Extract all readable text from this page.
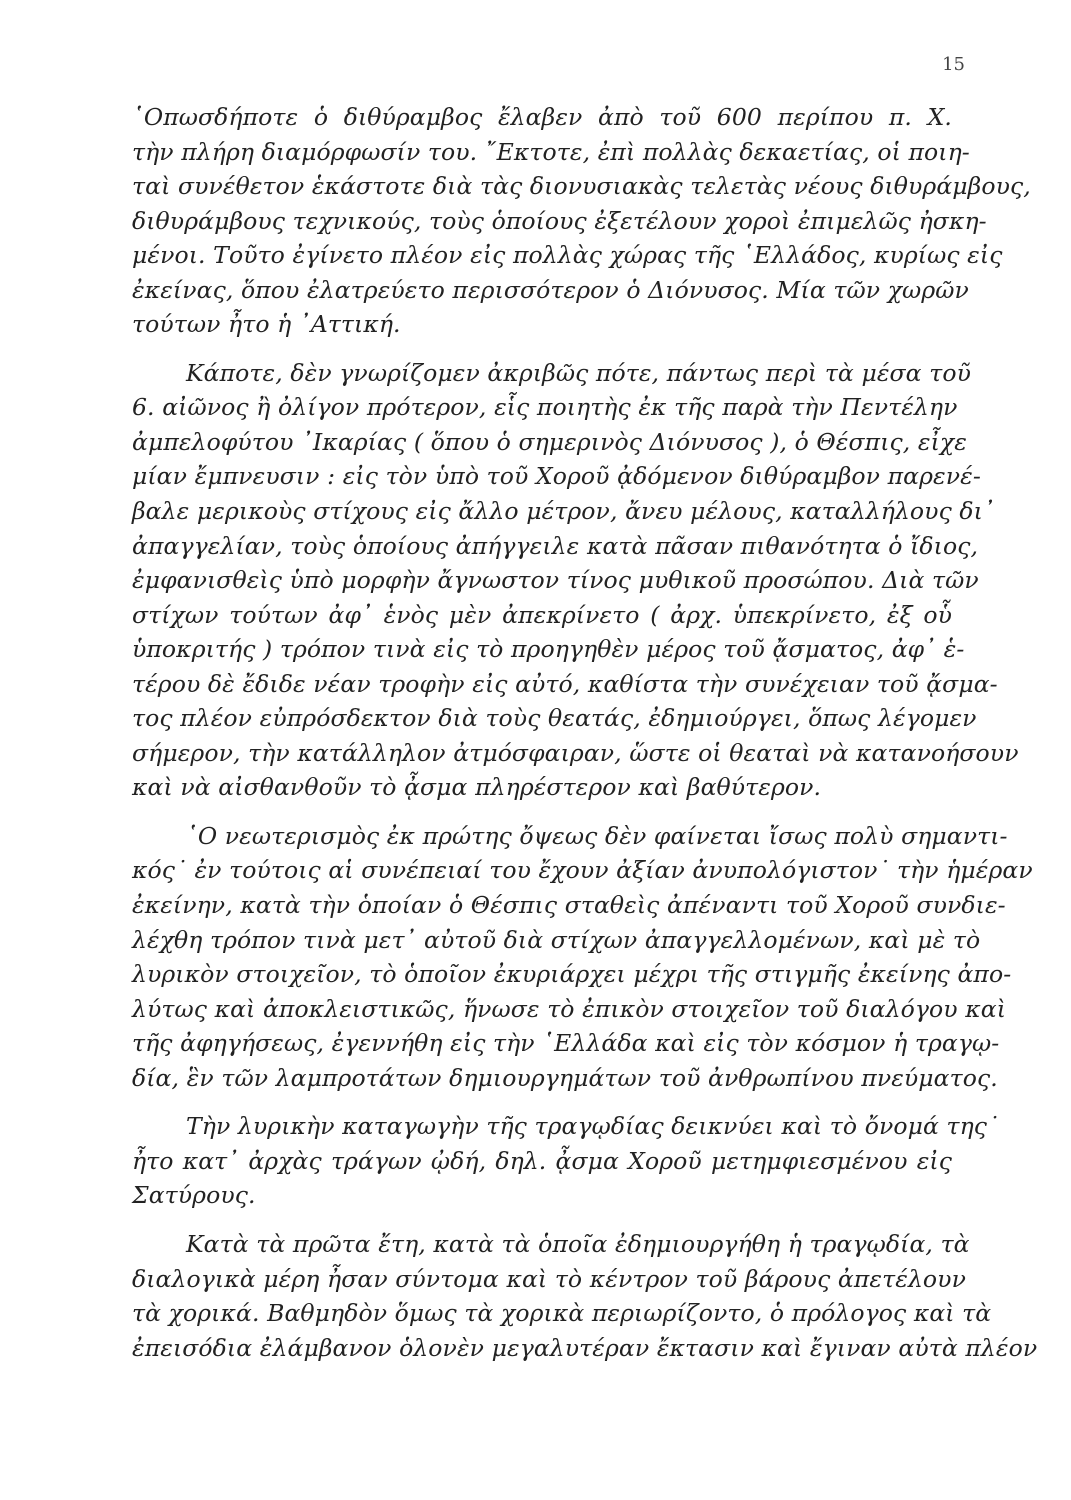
15
῾Οπωσδήποτε ὁ διθύραμβος ἔλαβεν ἀπὸ τοῦ 600 περίπου π. Χ.
τὴν πλήρη διαμόρφωσίν του. ῎Εκτοτε, ἐπὶ πολλὰς δεκαετίας, οἱ ποιη-
ταὶ συνέθετον ἑκάστοτε διὰ τὰς διονυσιακὰς τελετὰς νέους διθυράμβους,
διθυράμβους τεχνικούς, τοὺς ὁποίους ἐξετέλουν χοροὶ ἐπιμελῶς ἠσκη-
μένοι. Τοῦτο ἐγίνετο πλέον εἰς πολλὰς χώρας τῆς ῾Ελλάδος, κυρίως εἰς
ἐκείνας, ὅπου ἐλατρεύετο περισσότερον ὁ Διόνυσος. Μία τῶν χωρῶν
τούτων ἦτο ἡ ᾿Αττική.
Κάποτε, δὲν γνωρίζομεν ἀκριβῶς πότε, πάντως περὶ τὰ μέσα τοῦ
6. αἰῶνος ἢ ὀλίγον πρότερον, εἷς ποιητὴς ἐκ τῆς παρὰ τὴν Πεντέλην
ἀμπελοφύτου ᾿Ικαρίας ( ὅπου ὁ σημερινὸς Διόνυσος ), ὁ Θέσπις, εἶχε
μίαν ἔμπνευσιν : εἰς τὸν ὑπὸ τοῦ Χοροῦ ᾀδόμενον διθύραμβον παρενέ-
βαλε μερικοὺς στίχους εἰς ἄλλο μέτρον, ἄνευ μέλους, καταλλήλους δι᾽
ἀπαγγελίαν, τοὺς ὁποίους ἀπήγγειλε κατὰ πᾶσαν πιθανότητα ὁ ἴδιος,
ἐμφανισθεὶς ὑπὸ μορφὴν ἄγνωστον τίνος μυθικοῦ προσώπου. Διὰ τῶν
στίχων τούτων ἀφ᾽ ἑνὸς μὲν ἀπεκρίνετο ( ἀρχ. ὑπεκρίνετο, ἐξ οὗ
ὑποκριτής ) τρόπον τινὰ εἰς τὸ προηγηθὲν μέρος τοῦ ᾄσματος, ἀφ᾽ ἑ-
τέρου δὲ ἔδιδε νέαν τροφὴν εἰς αὐτό, καθίστα τὴν συνέχειαν τοῦ ᾄσμα-
τος πλέον εὐπρόσδεκτον διὰ τοὺς θεατάς, ἐδημιούργει, ὅπως λέγομεν
σήμερον, τὴν κατάλληλον ἀτμόσφαιραν, ὥστε οἱ θεαταὶ νὰ κατανοήσουν
καὶ νὰ αἰσθανθοῦν τὸ ᾆσμα πληρέστερον καὶ βαθύτερον.
῾Ο νεωτερισμὸς ἐκ πρώτης ὄψεως δὲν φαίνεται ἴσως πολὺ σημαντι-
κός˙ ἐν τούτοις αἱ συνέπειαί του ἔχουν ἀξίαν ἀνυπολόγιστον˙ τὴν ἡμέραν
ἐκείνην, κατὰ τὴν ὁποίαν ὁ Θέσπις σταθεὶς ἀπέναντι τοῦ Χοροῦ συνδιε-
λέχθη τρόπον τινὰ μετ᾽ αὐτοῦ διὰ στίχων ἀπαγγελλομένων, καὶ μὲ τὸ
λυρικὸν στοιχεῖον, τὸ ὁποῖον ἐκυριάρχει μέχρι τῆς στιγμῆς ἐκείνης ἀπο-
λύτως καὶ ἀποκλειστικῶς, ἥνωσε τὸ ἐπικὸν στοιχεῖον τοῦ διαλόγου καὶ
τῆς ἀφηγήσεως, ἐγεννήθη εἰς τὴν ῾Ελλάδα καὶ εἰς τὸν κόσμον ἡ τραγῳ-
δία, ἓν τῶν λαμπροτάτων δημιουργημάτων τοῦ ἀνθρωπίνου πνεύματος.
Τὴν λυρικὴν καταγωγὴν τῆς τραγῳδίας δεικνύει καὶ τὸ ὄνομά της˙
ἦτο κατ᾽ ἀρχὰς τράγων ᾠδή, δηλ. ᾆσμα Χοροῦ μετημφιεσμένου εἰς
Σατύρους.
Κατὰ τὰ πρῶτα ἔτη, κατὰ τὰ ὁποῖα ἐδημιουργήθη ἡ τραγῳδία, τὰ
διαλογικὰ μέρη ἦσαν σύντομα καὶ τὸ κέντρον τοῦ βάρους ἀπετέλουν
τὰ χορικά. Βαθμηδὸν ὅμως τὰ χορικὰ περιωρίζοντο, ὁ πρόλογος καὶ τὰ
ἐπεισόδια ἐλάμβανον ὁλονὲν μεγαλυτέραν ἔκτασιν καὶ ἔγιναν αὐτὰ πλέον
